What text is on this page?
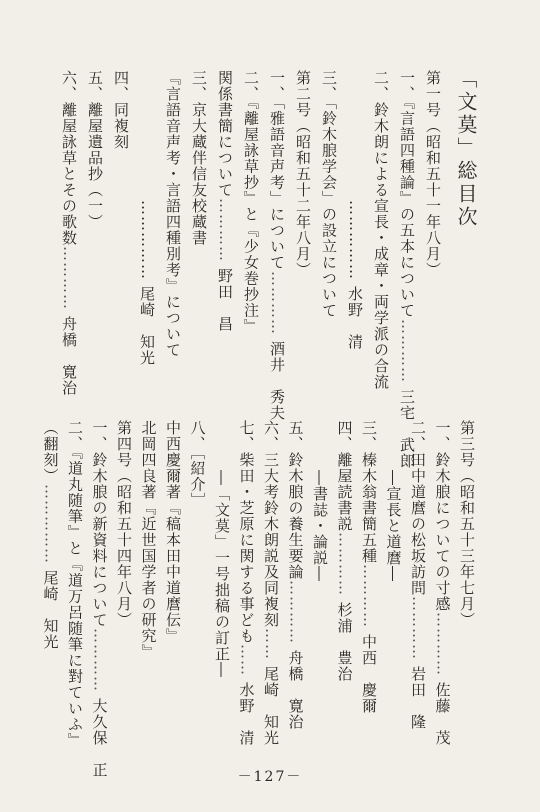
「文莫」総目次

第一号（昭和五十一年八月）
一、『言語四種論』の五本について…………三宅　武郎
二、鈴木朗による宣長・成章・両学派の合流
……………水野　清
三、「鈴木朖学会」の設立について
第二号（昭和五十二年八月）
一、「雅語音声考」について…………酒井　秀夫
二、『離屋詠草抄』と『少女巻抄注』
関係書簡について…………野田　昌
三、京大蔵伴信友校蔵書
『言語音声考・言語四種別考』について
……………尾崎　知光
四、同複刻
五、離屋遺品抄（一）
六、離屋詠草とその歌数…………舟橋　寛治
第三号（昭和五十三年七月）
一、鈴木朖についての寸感…………佐藤　茂
二、田中道麿の松坂訪問…………岩田　隆
―宣長と道麿―
三、榛木翁書簡五種…………中西　慶爾
四、離屋読書説…………杉浦　豊治
―書誌・論説―
五、鈴木朖の養生要論…………舟橋　寛治
六、三大考鈴木朗説及同複刻……尾崎　知光
七、柴田・芝原に関する事ども……水野　清
―「文莫」一号拙稿の訂正―
八、［紹介］
中西慶爾著『稿本田中道麿伝』
北岡四良著『近世国学者の研究』
第四号（昭和五十四年八月）
一、鈴木朖の新資料について…………大久保　正
二、『道丸随筆』と『道万呂随筆に對ていふ』
（翻刻）……………尾崎　知光
－127－
